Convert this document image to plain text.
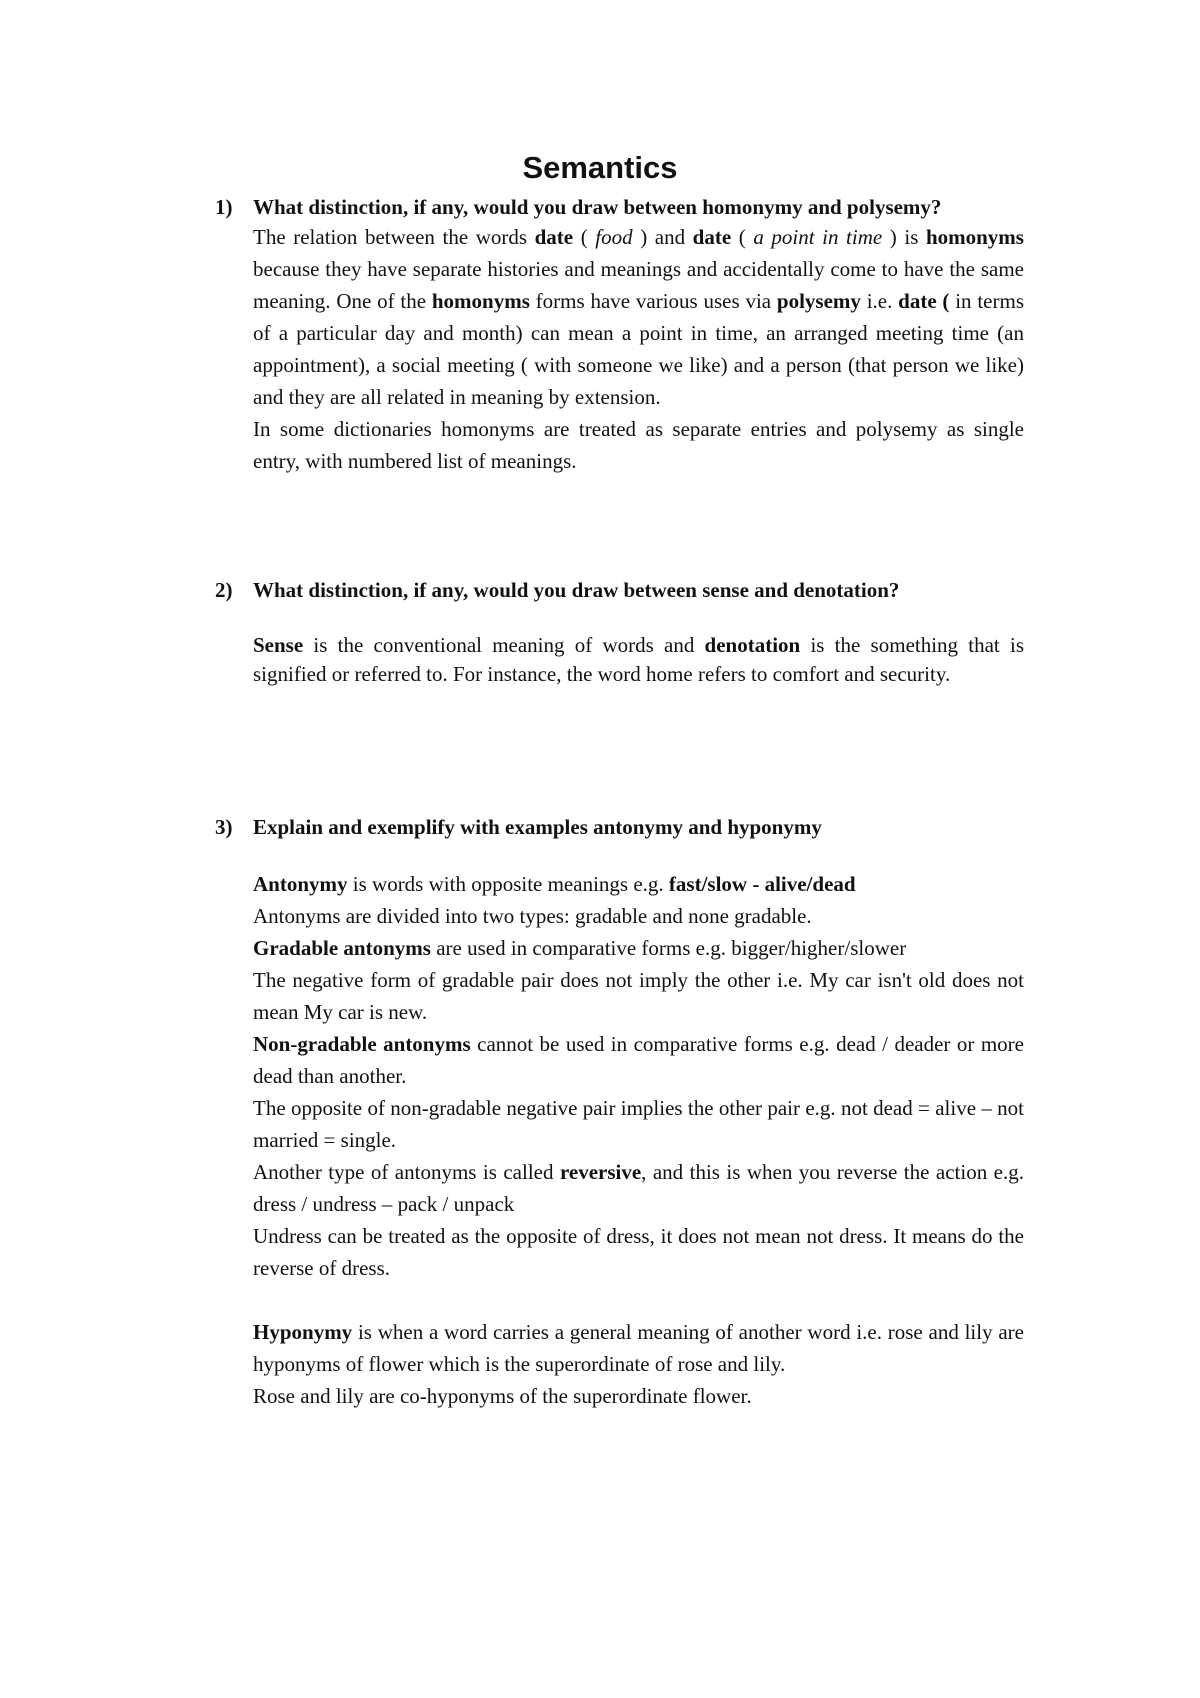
Semantics
1) What distinction, if any, would you draw between homonymy and polysemy?

The relation between the words date ( food ) and date ( a point in time ) is homonyms because they have separate histories and meanings and accidentally come to have the same meaning. One of the homonyms forms have various uses via polysemy i.e. date ( in terms of a particular day and month) can mean a point in time, an arranged meeting time (an appointment), a social meeting ( with someone we like) and a person (that person we like) and they are all related in meaning by extension.

In some dictionaries homonyms are treated as separate entries and polysemy as single entry, with numbered list of meanings.

2) What distinction, if any, would you draw between sense and denotation?

Sense is the conventional meaning of words and denotation is the something that is signified or referred to. For instance, the word home refers to comfort and security.

3) Explain and exemplify with examples antonymy and hyponymy

Antonymy is words with opposite meanings e.g. fast/slow - alive/dead

Antonyms are divided into two types: gradable and none gradable.

Gradable antonyms are used in comparative forms e.g. bigger/higher/slower

The negative form of gradable pair does not imply the other i.e. My car isn't old does not mean My car is new.

Non-gradable antonyms cannot be used in comparative forms e.g. dead / deader or more dead than another.

The opposite of non-gradable negative pair implies the other pair e.g. not dead = alive – not married = single.

Another type of antonyms is called reversive, and this is when you reverse the action e.g. dress / undress – pack / unpack

Undress can be treated as the opposite of dress, it does not mean not dress. It means do the reverse of dress.

Hyponymy is when a word carries a general meaning of another word i.e. rose and lily are hyponyms of flower which is the superordinate of rose and lily.

Rose and lily are co-hyponyms of the superordinate flower.
